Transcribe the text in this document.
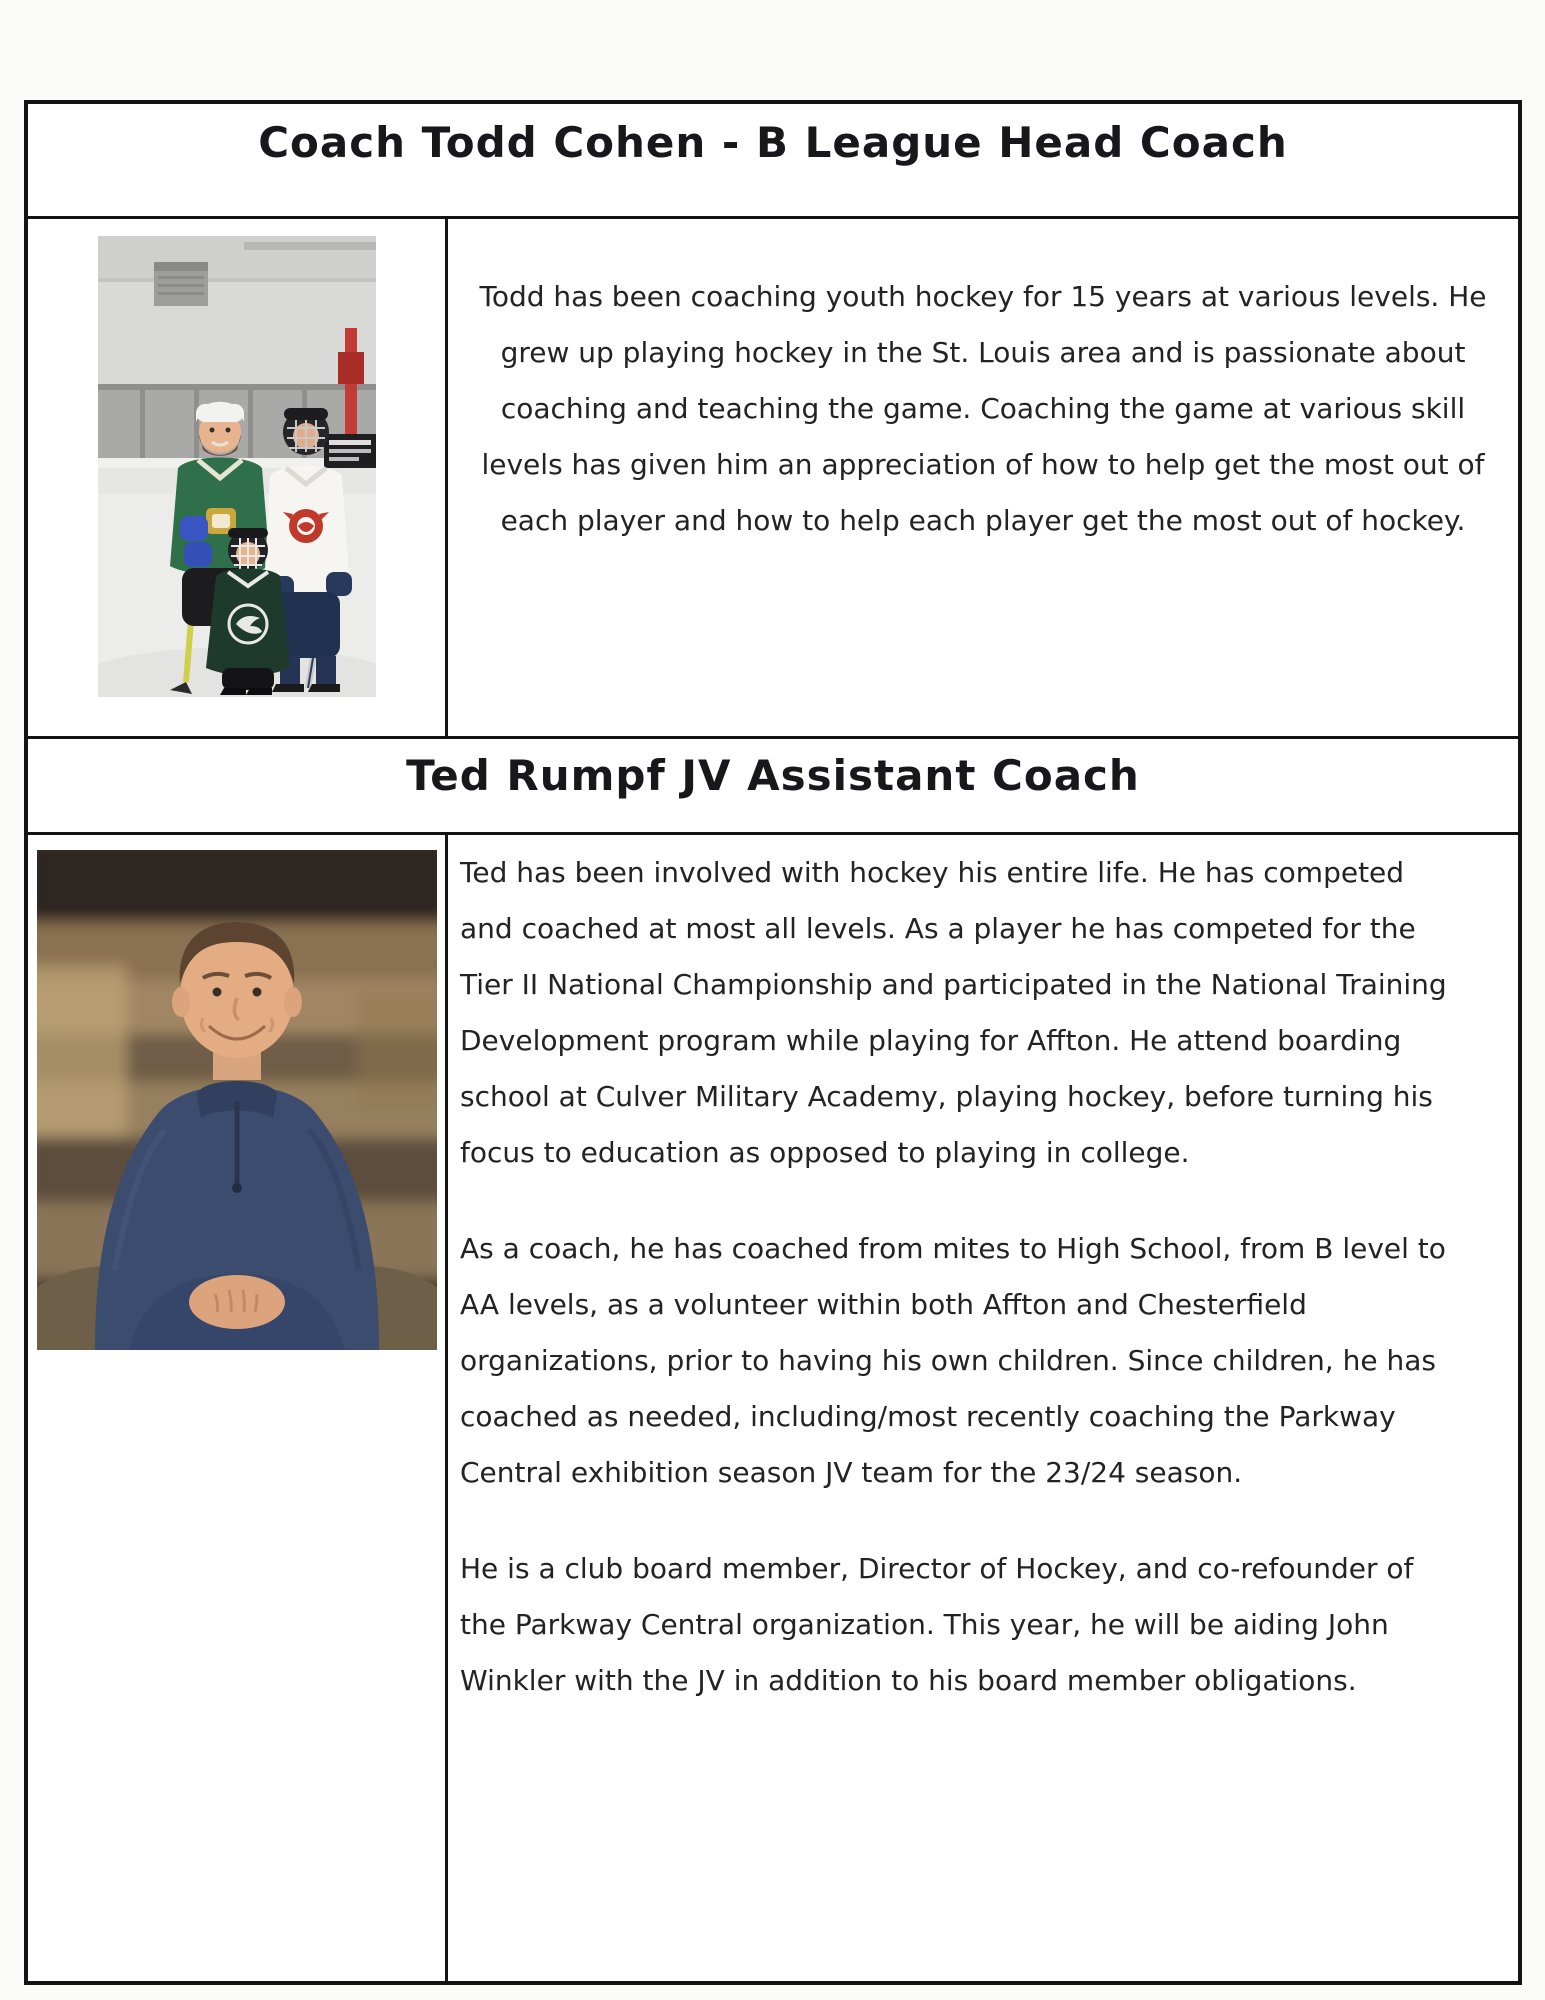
Coach Todd Cohen - B League Head Coach

Todd has been coaching youth hockey for 15 years at various levels. He grew up playing hockey in the St. Louis area and is passionate about coaching and teaching the game. Coaching the game at various skill levels has given him an appreciation of how to help get the most out of each player and how to help each player get the most out of hockey.

Ted Rumpf JV Assistant Coach

Ted has been involved with hockey his entire life. He has competed and coached at most all levels. As a player he has competed for the Tier II National Championship and participated in the National Training Development program while playing for Affton. He attend boarding school at Culver Military Academy, playing hockey, before turning his focus to education as opposed to playing in college.

As a coach, he has coached from mites to High School, from B level to AA levels, as a volunteer within both Affton and Chesterfield organizations, prior to having his own children. Since children, he has coached as needed, including/most recently coaching the Parkway Central exhibition season JV team for the 23/24 season.

He is a club board member, Director of Hockey, and co-refounder of the Parkway Central organization. This year, he will be aiding John Winkler with the JV in addition to his board member obligations.
